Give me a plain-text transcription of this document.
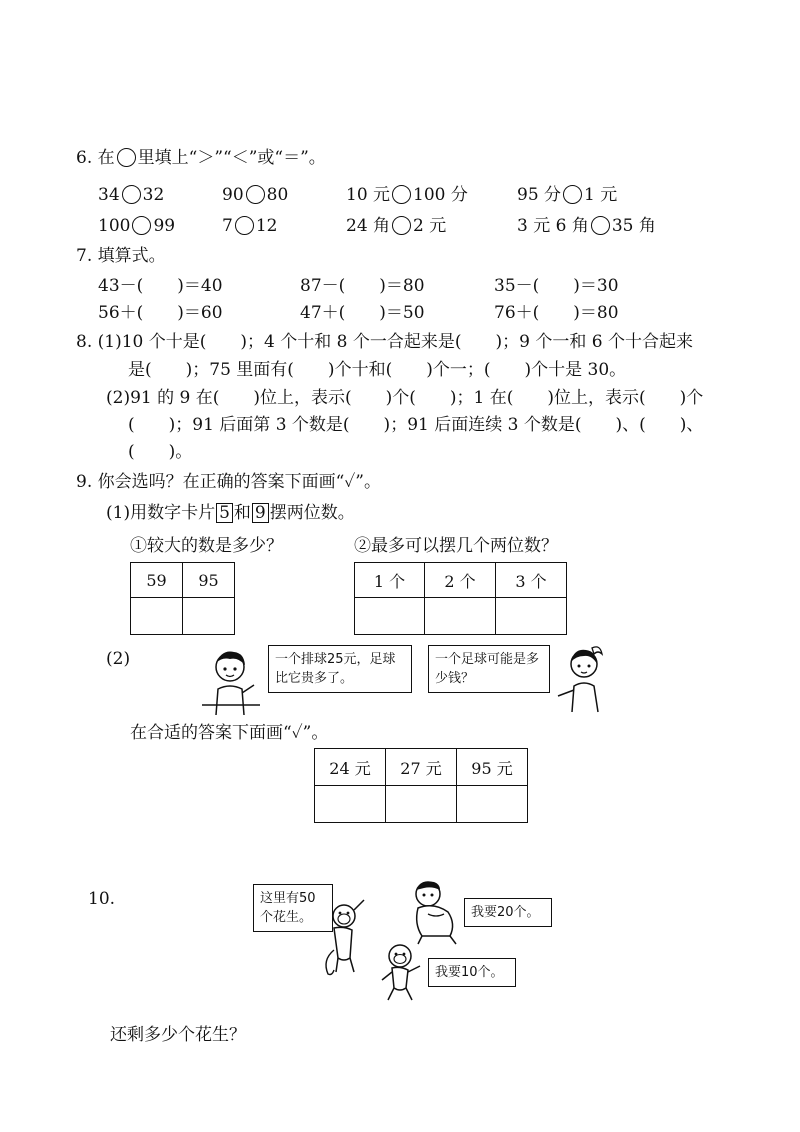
6. 在 里填上“＞”“＜”或“＝”。
34 32	90 80	10 元 100 分	95 分 1 元
100 99	7 12	24 角 2 元	3 元 6 角 35 角
7. 填算式。
43－(　　)＝40	87－(　　)＝80	35－(　　)＝30
56＋(　　)＝60	47＋(　　)＝50	76＋(　　)＝80
8. (1)10 个十是(　　)；4 个十和 8 个一合起来是(　　)；9 个一和 6 个十合起来
是(　　)；75 里面有(　　)个十和(　　)个一；(　　)个十是 30。
(2)91 的 9 在(　　)位上，表示(　　)个(　　)；1 在(　　)位上，表示(　　)个
(　　)；91 后面第 3 个数是(　　)；91 后面连续 3 个数是(　　)、(　　)、
(　　)。
9. 你会选吗？在正确的答案下面画“✓”。
(1)用数字卡片 5 和 9 摆两位数。
①较大的数是多少？	②最多可以摆几个两位数？
59	95
		1 个	2 个	3 个

(2)	一个排球25元，足球比它贵多了。
一个足球可能是多少钱？
在合适的答案下面画“✓”。
24 元	27 元	95 元

10.	这里有50个花生。	我要20个。
我要10个。
还剩多少个花生？
